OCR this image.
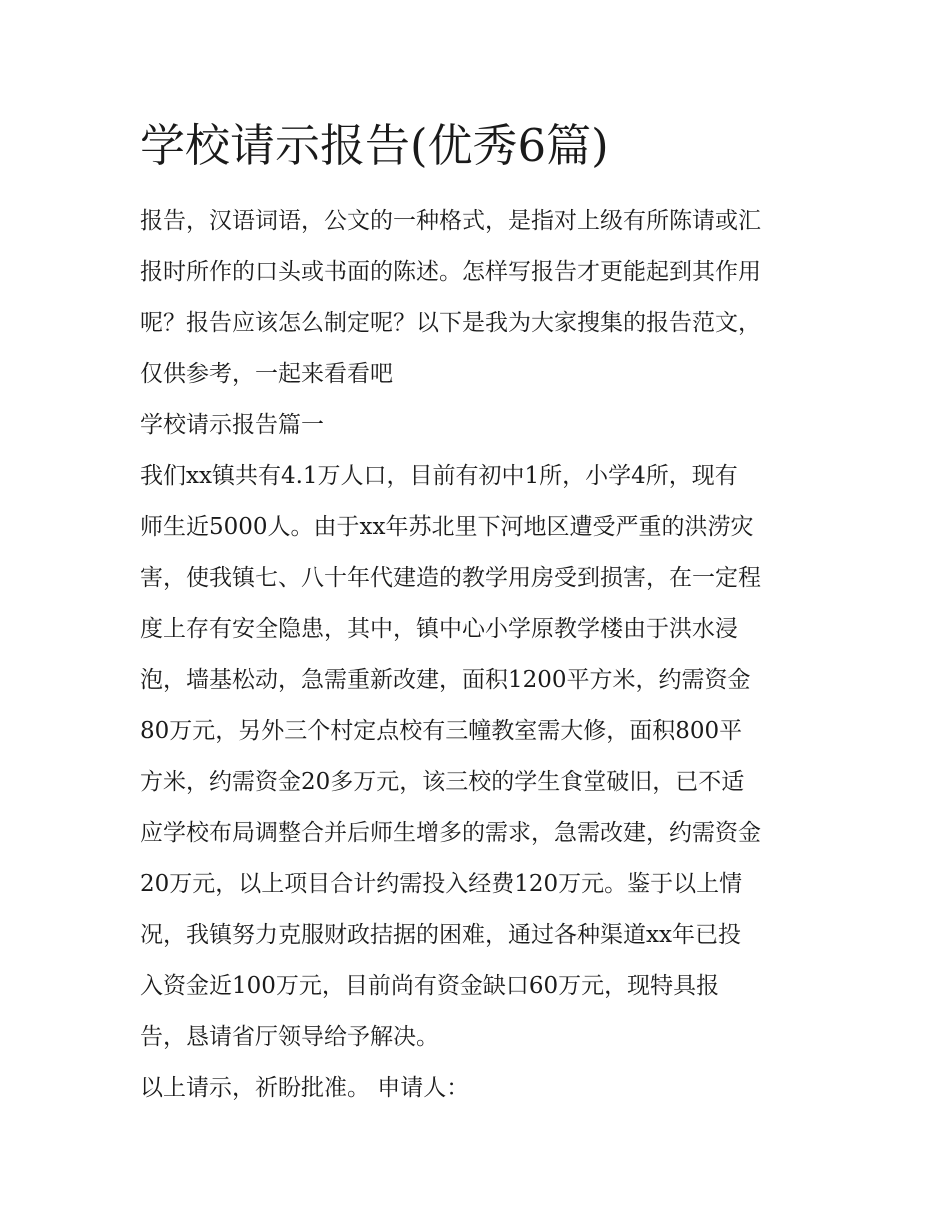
学校请示报告(优秀6篇)

报告，汉语词语，公文的一种格式，是指对上级有所陈请或汇

报时所作的口头或书面的陈述。怎样写报告才更能起到其作用

呢？报告应该怎么制定呢？以下是我为大家搜集的报告范文，

仅供参考，一起来看看吧

学校请示报告篇一

我们xx镇共有4.1万人口，目前有初中1所，小学4所，现有

师生近5000人。由于xx年苏北里下河地区遭受严重的洪涝灾

害，使我镇七、八十年代建造的教学用房受到损害，在一定程

度上存有安全隐患，其中，镇中心小学原教学楼由于洪水浸

泡，墙基松动，急需重新改建，面积1200平方米，约需资金

80万元，另外三个村定点校有三幢教室需大修，面积800平

方米，约需资金20多万元，该三校的学生食堂破旧，已不适

应学校布局调整合并后师生增多的需求，急需改建，约需资金

20万元，以上项目合计约需投入经费120万元。鉴于以上情

况，我镇努力克服财政拮据的困难，通过各种渠道xx年已投

入资金近100万元，目前尚有资金缺口60万元，现特具报

告，恳请省厅领导给予解决。

以上请示，祈盼批准。 申请人：
